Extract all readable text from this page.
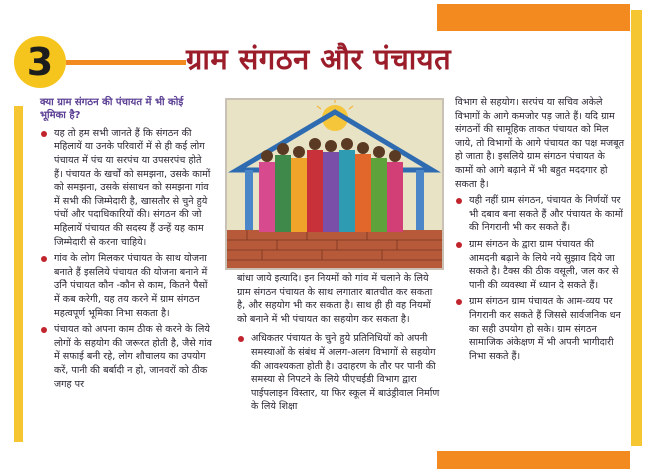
3	ग्राम संगठन और पंचायत
क्या ग्राम संगठन की पंचायत में भी कोई भूमिका है?
यह तो हम सभी जानते हैं कि संगठन की महिलायें या उनके परिवारों में से ही कई लोग पंचायत में पंच या सरपंच या उपसरपंच होते हैं। पंचायत के खर्चों को समझना, उसके कामों को समझना, उसके संसाधन को समझना गांव में सभी की जिम्मेदारी है, खासतौर से चुने हुये पंचों और पदाधिकारियों की। संगठन की जो महिलायें पंचायत की सदस्य हैं उन्हें यह काम जिम्मेदारी से करना चाहिये।
गांव के लोग मिलकर पंचायत के साथ योजना बनाते हैं इसलिये पंचायत की योजना बनाने में उनेि पंचायत कौन -कौन से काम, कितने पैसों में कब करेगी, यह तय करने में ग्राम संगठन महत्वपूर्ण भूमिका निभा सकता है।
पंचायत को अपना काम ठीक से करने के लिये लोगों के सहयोग की जरूरत होती है, जैसे गांव में सफाई बनी रहे, लोग शौचालय का उपयोग करें, पानी की बर्बादी न हो, जानवरों को ठीक जगह पर
बांधा जाये इत्यादि। इन नियमों को गांव में चलाने के लिये ग्राम संगठन पंचायत के साथ लगातार बातचीत कर सकता है, और सहयोग भी कर सकता है। साथ ही ही वह नियमों को बनाने में भी पंचायत का सहयोग कर सकता है।
अधिकतर पंचायत के चुने हुये प्रतिनिधियों को अपनी समस्याओं के संबंध में अलग-अलग विभागों से सहयोग की आवश्यकता होती है। उदाहरण के तौर पर पानी की समस्या से निपटने के लिये पीएचईडी विभाग द्वारा पाईपलाइन विस्तार, या फिर स्कूल में बाउंड्रीवाल निर्माण के लिये शिक्षा
विभाग से सहयोग। सरपंच या सचिव अकेले विभागों के आगे कमजोर पड़ जाते हैं। यदि ग्राम संगठनों की सामूहिक ताकत पंचायत को मिल जाये, तो विभागों के आगे पंचायत का पक्ष मजबूत हो जाता है। इसलिये ग्राम संगठन पंचायत के कामों को आगे बढ़ाने में भी बहुत मददगार हो सकता है।
यही नहीं ग्राम संगठन, पंचायत के निर्णयों पर भी दबाव बना सकते हैं और पंचायत के कामों की निगरानी भी कर सकते हैं।
ग्राम संगठन के द्वारा ग्राम पंचायत की आमदनी बढ़ाने के लिये नये सुझाव दिये जा सकते है। टैक्स की ठीक वसूली, जल कर से पानी की व्यवस्था में ध्यान दे सकते हैं।
ग्राम संगठन ग्राम पंचायत के आम-व्यय पर निगरानी कर सकते हैं जिससे सार्वजनिक धन का सही उपयोग हो सके। ग्राम संगठन सामाजिक अंकेक्षण में भी अपनी भागीदारी निभा सकते हैं।
